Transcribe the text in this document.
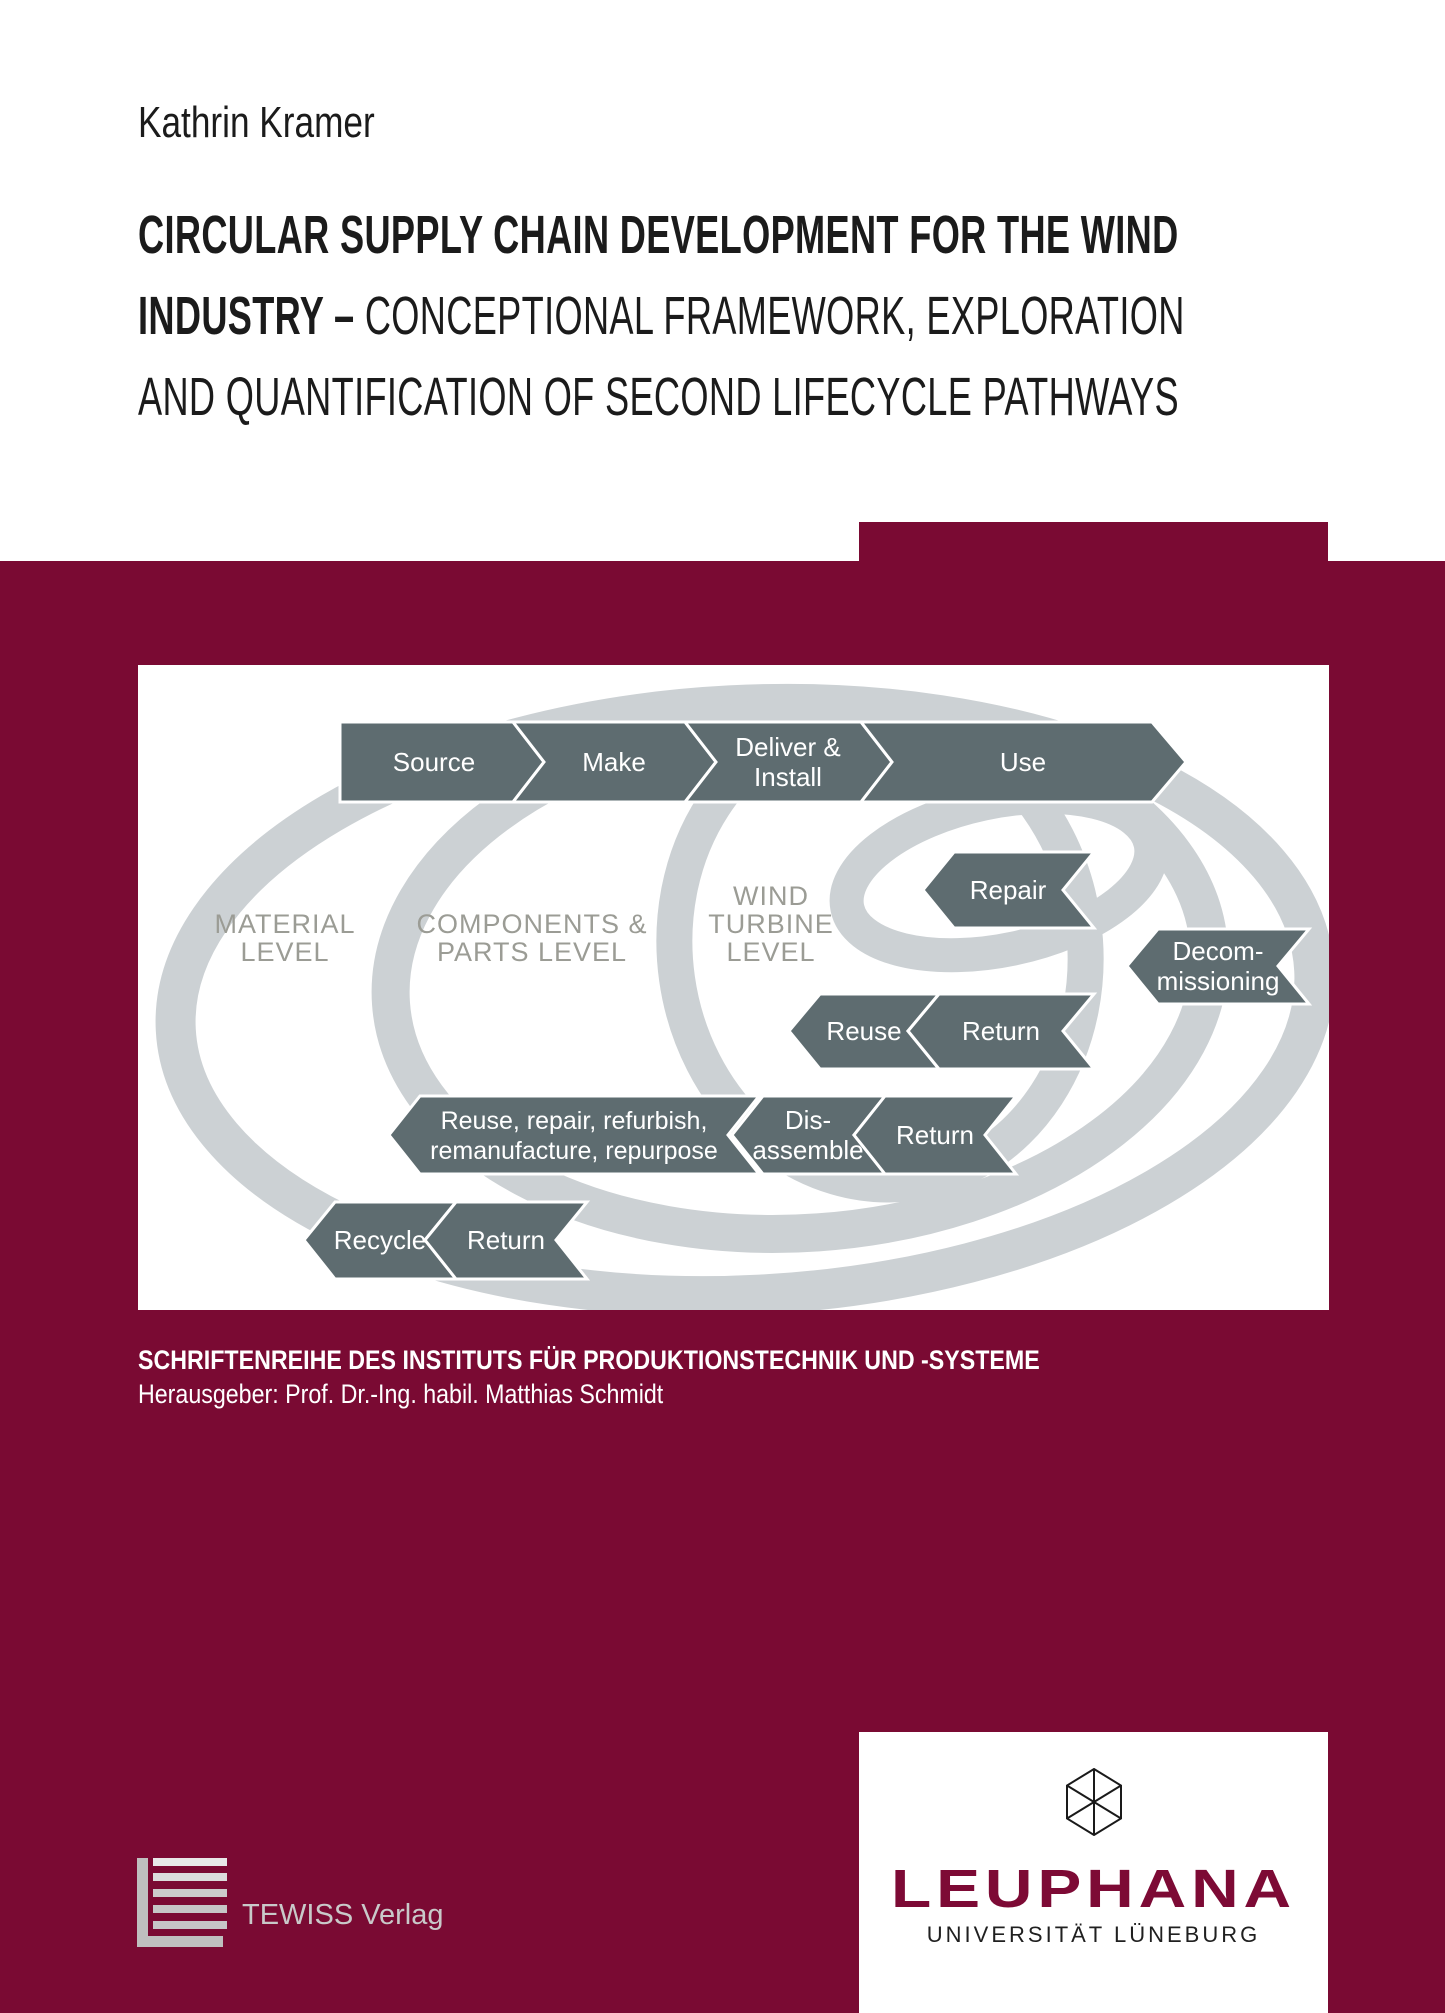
Kathrin Kramer
CIRCULAR SUPPLY CHAIN DEVELOPMENT FOR THE WIND
INDUSTRY – CONCEPTIONAL FRAMEWORK, EXPLORATION
AND QUANTIFICATION OF SECOND LIFECYCLE PATHWAYS
Source	Make	Deliver &
Install	Use
Repair
Decom-
missioning
Reuse Return
Reuse, repair, refurbish,
remanufacture, repurpose
Dis-
assemble Return
Recycle Return
MATERIAL
LEVEL
COMPONENTS &
PARTS LEVEL
WIND
TURBINE
LEVEL
SCHRIFTENREIHE DES INSTITUTS FÜR PRODUKTIONSTECHNIK UND -SYSTEME
Herausgeber: Prof. Dr.-Ing. habil. Matthias Schmidt
TEWISS Verlag	LEUPHANA
UNIVERSITÄT LÜNEBURG
